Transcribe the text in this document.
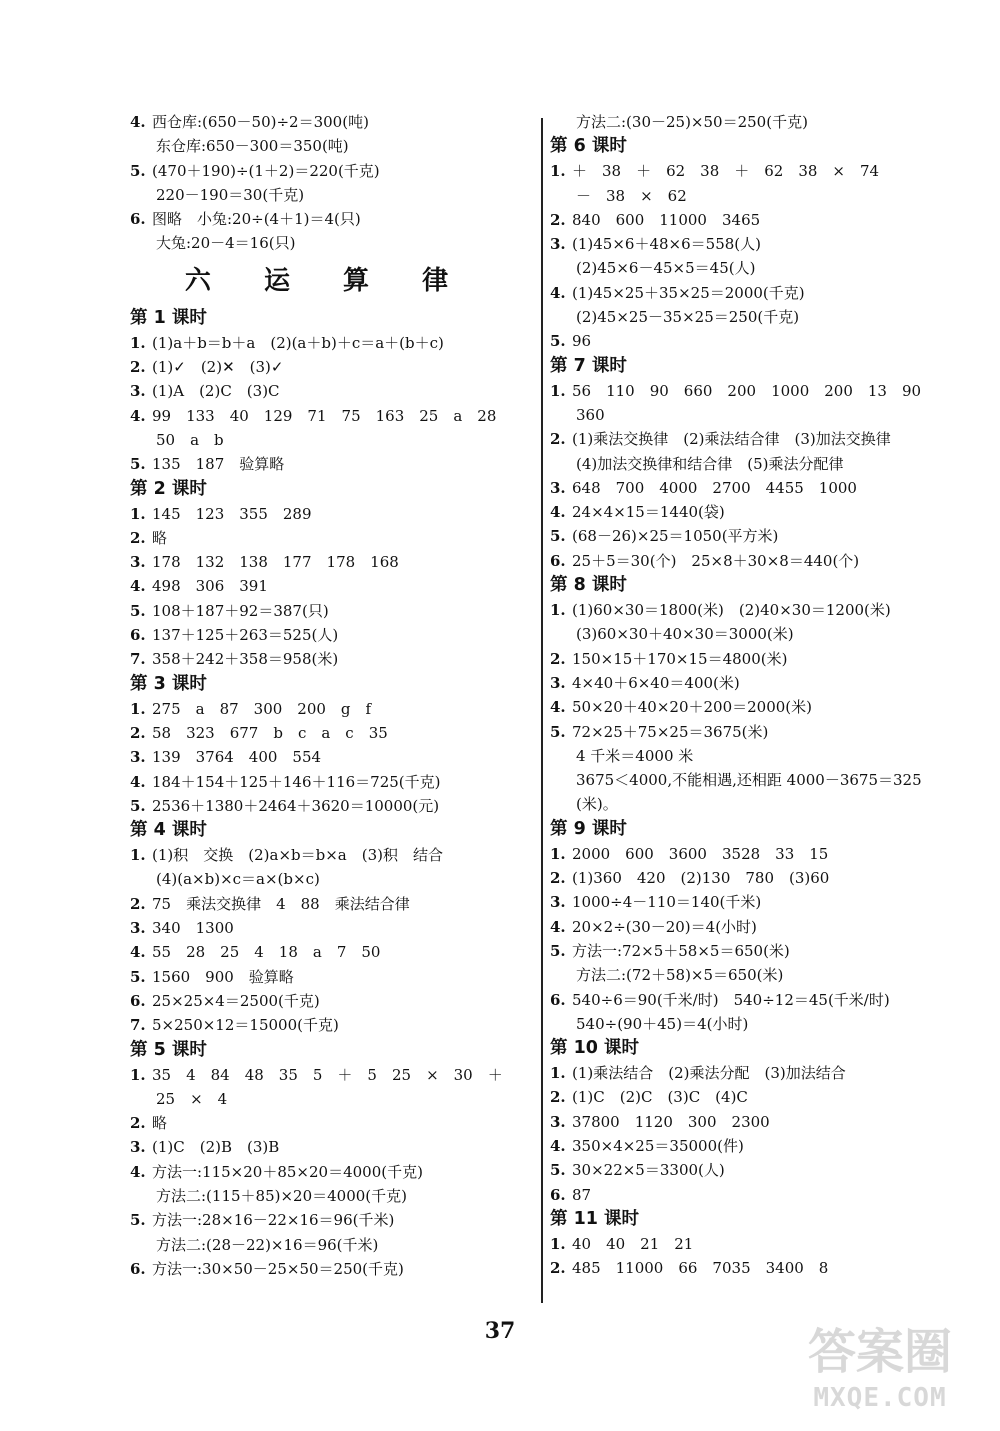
4. 西仓库:(650－50)÷2＝300(吨)
东仓库:650－300＝350(吨)
5. (470＋190)÷(1＋2)＝220(千克)
220－190＝30(千克)
6. 图略　小兔:20÷(4＋1)＝4(只)
大兔:20－4＝16(只)
六 运 算 律
第 1 课时
1. (1)a＋b＝b＋a　(2)(a＋b)＋c＝a＋(b＋c)
2. (1)✓　(2)✕　(3)✓
3. (1)A　(2)C　(3)C
4. 99　133　40　129　71　75　163　25　a　28
50　a　b
5. 135　187　验算略
第 2 课时
1. 145　123　355　289
2. 略
3. 178　132　138　177　178　168
4. 498　306　391
5. 108＋187＋92＝387(只)
6. 137＋125＋263＝525(人)
7. 358＋242＋358＝958(米)
第 3 课时
1. 275　a　87　300　200　g　f
2. 58　323　677　b　c　a　c　35
3. 139　3764　400　554
4. 184＋154＋125＋146＋116＝725(千克)
5. 2536＋1380＋2464＋3620＝10000(元)
第 4 课时
1. (1)积　交换　(2)a×b＝b×a　(3)积　结合
(4)(a×b)×c＝a×(b×c)
2. 75　乘法交换律　4　88　乘法结合律
3. 340　1300
4. 55　28　25　4　18　a　7　50
5. 1560　900　验算略
6. 25×25×4＝2500(千克)
7. 5×250×12＝15000(千克)
第 5 课时
1. 35　4　84　48　35　5　＋　5　25　×　30　＋
25　×　4
2. 略
3. (1)C　(2)B　(3)B
4. 方法一:115×20＋85×20＝4000(千克)
方法二:(115＋85)×20＝4000(千克)
5. 方法一:28×16－22×16＝96(千米)
方法二:(28－22)×16＝96(千米)
6. 方法一:30×50－25×50＝250(千克)
方法二:(30－25)×50＝250(千克)
第 6 课时
1. ＋　38　＋　62　38　＋　62　38　×　74
－　38　×　62
2. 840　600　11000　3465
3. (1)45×6＋48×6＝558(人)
(2)45×6－45×5＝45(人)
4. (1)45×25＋35×25＝2000(千克)
(2)45×25－35×25＝250(千克)
5. 96
第 7 课时
1. 56　110　90　660　200　1000　200　13　90
360
2. (1)乘法交换律　(2)乘法结合律　(3)加法交换律
(4)加法交换律和结合律　(5)乘法分配律
3. 648　700　4000　2700　4455　1000
4. 24×4×15＝1440(袋)
5. (68－26)×25＝1050(平方米)
6. 25＋5＝30(个)　25×8＋30×8＝440(个)
第 8 课时
1. (1)60×30＝1800(米)　(2)40×30＝1200(米)
(3)60×30＋40×30＝3000(米)
2. 150×15＋170×15＝4800(米)
3. 4×40＋6×40＝400(米)
4. 50×20＋40×20＋200＝2000(米)
5. 72×25＋75×25＝3675(米)
4 千米＝4000 米
3675＜4000,不能相遇,还相距 4000－3675＝325
(米)。
第 9 课时
1. 2000　600　3600　3528　33　15
2. (1)360　420　(2)130　780　(3)60
3. 1000÷4－110＝140(千米)
4. 20×2÷(30－20)＝4(小时)
5. 方法一:72×5＋58×5＝650(米)
方法二:(72＋58)×5＝650(米)
6. 540÷6＝90(千米/时)　540÷12＝45(千米/时)
540÷(90＋45)＝4(小时)
第 10 课时
1. (1)乘法结合　(2)乘法分配　(3)加法结合
2. (1)C　(2)C　(3)C　(4)C
3. 37800　1120　300　2300
4. 350×4×25＝35000(件)
5. 30×22×5＝3300(人)
6. 87
第 11 课时
1. 40　40　21　21
2. 485　11000　66　7035　3400　8
37	答案圈
MXQE.COM
